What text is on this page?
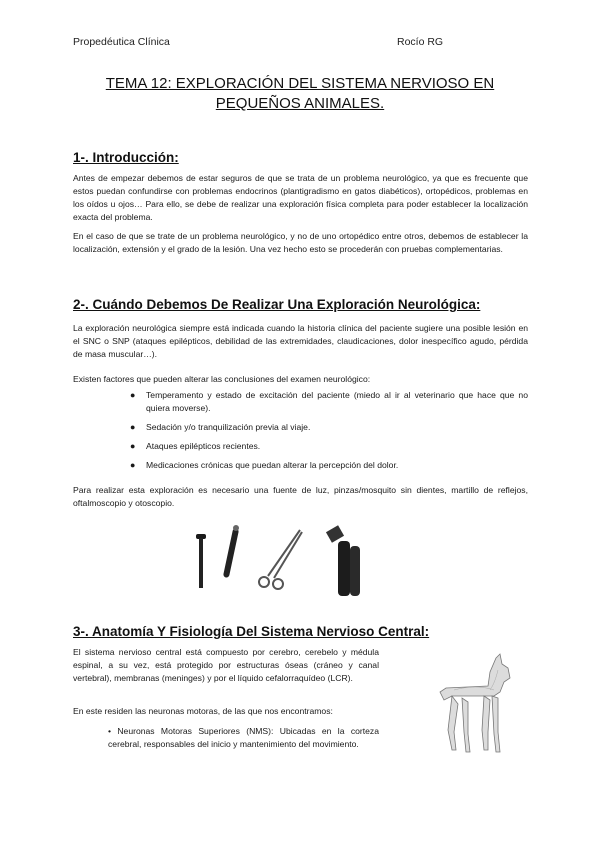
Propedéutica Clínica	Rocío RG
TEMA 12: EXPLORACIÓN DEL SISTEMA NERVIOSO EN
PEQUEÑOS ANIMALES.
1-. Introducción:

Antes de empezar debemos de estar seguros de que se trata de un problema neurológico, ya que es frecuente que estos puedan confundirse con problemas endocrinos (plantigradismo en gatos diabéticos), ortopédicos, problemas en los oídos u ojos… Para ello, se debe de realizar una exploración física completa para poder establecer la localización exacta del problema.

En el caso de que se trate de un problema neurológico, y no de uno ortopédico entre otros, debemos de establecer la localización, extensión y el grado de la lesión. Una vez hecho esto se procederán con pruebas complementarias.

2-. Cuándo Debemos De Realizar Una Exploración Neurológica:

La exploración neurológica siempre está indicada cuando la historia clínica del paciente sugiere una posible lesión en el SNC o SNP (ataques epilépticos, debilidad de las extremidades, claudicaciones, dolor inespecífico agudo, pérdida de masa muscular…).

Existen factores que pueden alterar las conclusiones del examen neurológico:

● Temperamento y estado de excitación del paciente (miedo al ir al veterinario que hace que no quiera moverse).
● Sedación y/o tranquilización previa al viaje.
● Ataques epilépticos recientes.
● Medicaciones crónicas que puedan alterar la percepción del dolor.

Para realizar esta exploración es necesario una fuente de luz, pinzas/mosquito sin dientes, martillo de reflejos, oftalmoscopio y otoscopio.

3-. Anatomía Y Fisiología Del Sistema Nervioso Central:

El sistema nervioso central está compuesto por cerebro, cerebelo y médula espinal, a su vez, está protegido por estructuras óseas (cráneo y canal vertebral), membranas (meninges) y por el líquido cefalorraquídeo (LCR).

En este residen las neuronas motoras, de las que nos encontramos:

• Neuronas Motoras Superiores (NMS): Ubicadas en la corteza cerebral, responsables del inicio y mantenimiento del movimiento.
